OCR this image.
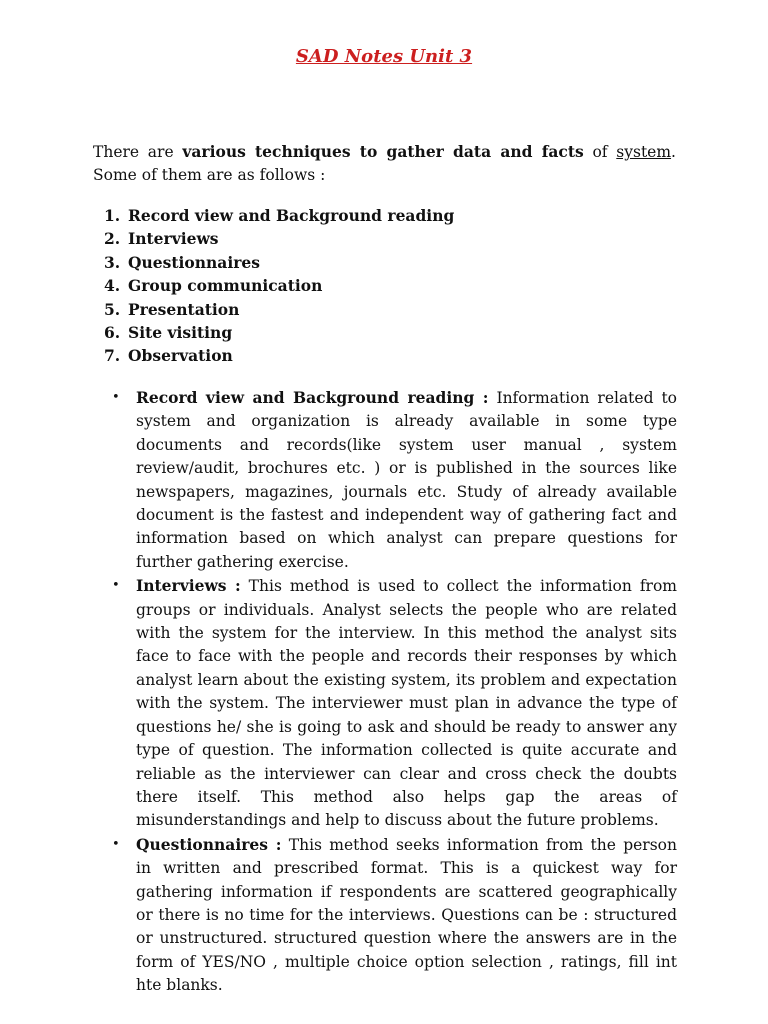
SAD Notes Unit 3

There are various techniques to gather data and facts of system. Some of them are as follows :

1. Record view and Background reading
2. Interviews
3. Questionnaires
4. Group communication
5. Presentation
6. Site visiting
7. Observation
• Record view and Background reading : Information related to system and organization is already available in some type documents and records(like system user manual , system review/audit, brochures etc. ) or is published in the sources like newspapers, magazines, journals etc. Study of already available document is the fastest and independent way of gathering fact and information based on which analyst can prepare questions for further gathering exercise.
• Interviews : This method is used to collect the information from groups or individuals. Analyst selects the people who are related with the system for the interview. In this method the analyst sits face to face with the people and records their responses by which analyst learn about the existing system, its problem and expectation with the system. The interviewer must plan in advance the type of questions he/ she is going to ask and should be ready to answer any type of question. The information collected is quite accurate and reliable as the interviewer can clear and cross check the doubts there itself. This method also helps gap the areas of misunderstandings and help to discuss about the future problems.
• Questionnaires : This method seeks information from the person in written and prescribed format. This is a quickest way for gathering information if respondents are scattered geographically or there is no time for the interviews. Questions can be : structured or unstructured. structured question where the answers are in the form of YES/NO , multiple choice option selection , ratings, fill int hte blanks.
